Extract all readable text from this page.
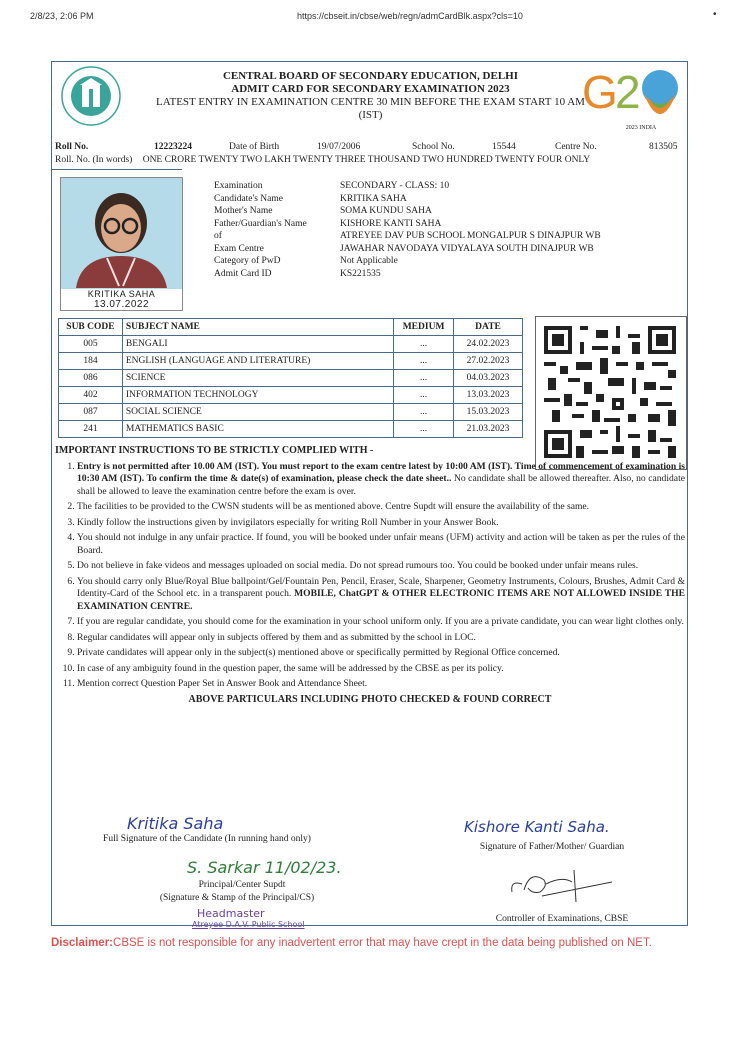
2/8/23, 2:06 PM	https://cbseit.in/cbse/web/regn/admCardBlk.aspx?cls=10	•
CENTRAL BOARD OF SECONDARY EDUCATION, DELHI
ADMIT CARD FOR SECONDARY EXAMINATION 2023
LATEST ENTRY IN EXAMINATION CENTRE 30 MIN BEFORE THE EXAM START 10 AM
(IST)	G
2
2023 INDIA
Roll No.	12223224	Date of Birth	19/07/2006	School No.	15544	Centre No.	813505
Roll. No. (In words) ONE CRORE TWENTY TWO LAKH TWENTY THREE THOUSAND TWO HUNDRED TWENTY FOUR ONLY
KRITIKA SAHA
13.07.2022
Examination	SECONDARY - CLASS: 10
Candidate's Name	KRITIKA SAHA
Mother's Name	SOMA KUNDU SAHA
Father/Guardian's Name	KISHORE KANTI SAHA
of	ATREYEE DAV PUB SCHOOL MONGALPUR S DINAJPUR WB
Exam Centre	JAWAHAR NAVODAYA VIDYALAYA SOUTH DINAJPUR WB
Category of PwD	Not Applicable
Admit Card ID	KS221535
SUB CODE	SUBJECT NAME	MEDIUM	DATE
005	BENGALI	...	24.02.2023
184	ENGLISH (LANGUAGE AND LITERATURE)	...	27.02.2023
086	SCIENCE	...	04.03.2023
402	INFORMATION TECHNOLOGY	...	13.03.2023
087	SOCIAL SCIENCE	...	15.03.2023
241	MATHEMATICS BASIC	...	21.03.2023
IMPORTANT INSTRUCTIONS TO BE STRICTLY COMPLIED WITH -
1. Entry is not permitted after 10.00 AM (IST). You must report to the exam centre latest by 10:00 AM (IST). Time of commencement of examination is 10:30 AM (IST). To confirm the time & date(s) of examination, please check the date sheet.. No candidate shall be allowed thereafter. Also, no candidate shall be allowed to leave the examination centre before the exam is over.
2. The facilities to be provided to the CWSN students will be as mentioned above. Centre Supdt will ensure the availability of the same.
3. Kindly follow the instructions given by invigilators especially for writing Roll Number in your Answer Book.
4. You should not indulge in any unfair practice. If found, you will be booked under unfair means (UFM) activity and action will be taken as per the rules of the Board.
5. Do not believe in fake videos and messages uploaded on social media. Do not spread rumours too. You could be booked under unfair means rules.
6. You should carry only Blue/Royal Blue ballpoint/Gel/Fountain Pen, Pencil, Eraser, Scale, Sharpener, Geometry Instruments, Colours, Brushes, Admit Card & Identity-Card of the School etc. in a transparent pouch. MOBILE, ChatGPT & OTHER ELECTRONIC ITEMS ARE NOT ALLOWED INSIDE THE EXAMINATION CENTRE.
7. If you are regular candidate, you should come for the examination in your school uniform only. If you are a private candidate, you can wear light clothes only.
8. Regular candidates will appear only in subjects offered by them and as submitted by the school in LOC.
9. Private candidates will appear only in the subject(s) mentioned above or specifically permitted by Regional Office concerned.
10. In case of any ambiguity found in the question paper, the same will be addressed by the CBSE as per its policy.
11. Mention correct Question Paper Set in Answer Book and Attendance Sheet.
ABOVE PARTICULARS INCLUDING PHOTO CHECKED & FOUND CORRECT
Kritika Saha
Full Signature of the Candidate (In running hand only)
Kishore Kanti Saha.
Signature of Father/Mother/ Guardian
S. Sarkar 11/02/23.
Principal/Center Supdt
(Signature & Stamp of the Principal/CS)
Headmaster
Atreyee D.A.V. Public School
Controller of Examinations, CBSE
Disclaimer:CBSE is not responsible for any inadvertent error that may have crept in the data being published on NET.
